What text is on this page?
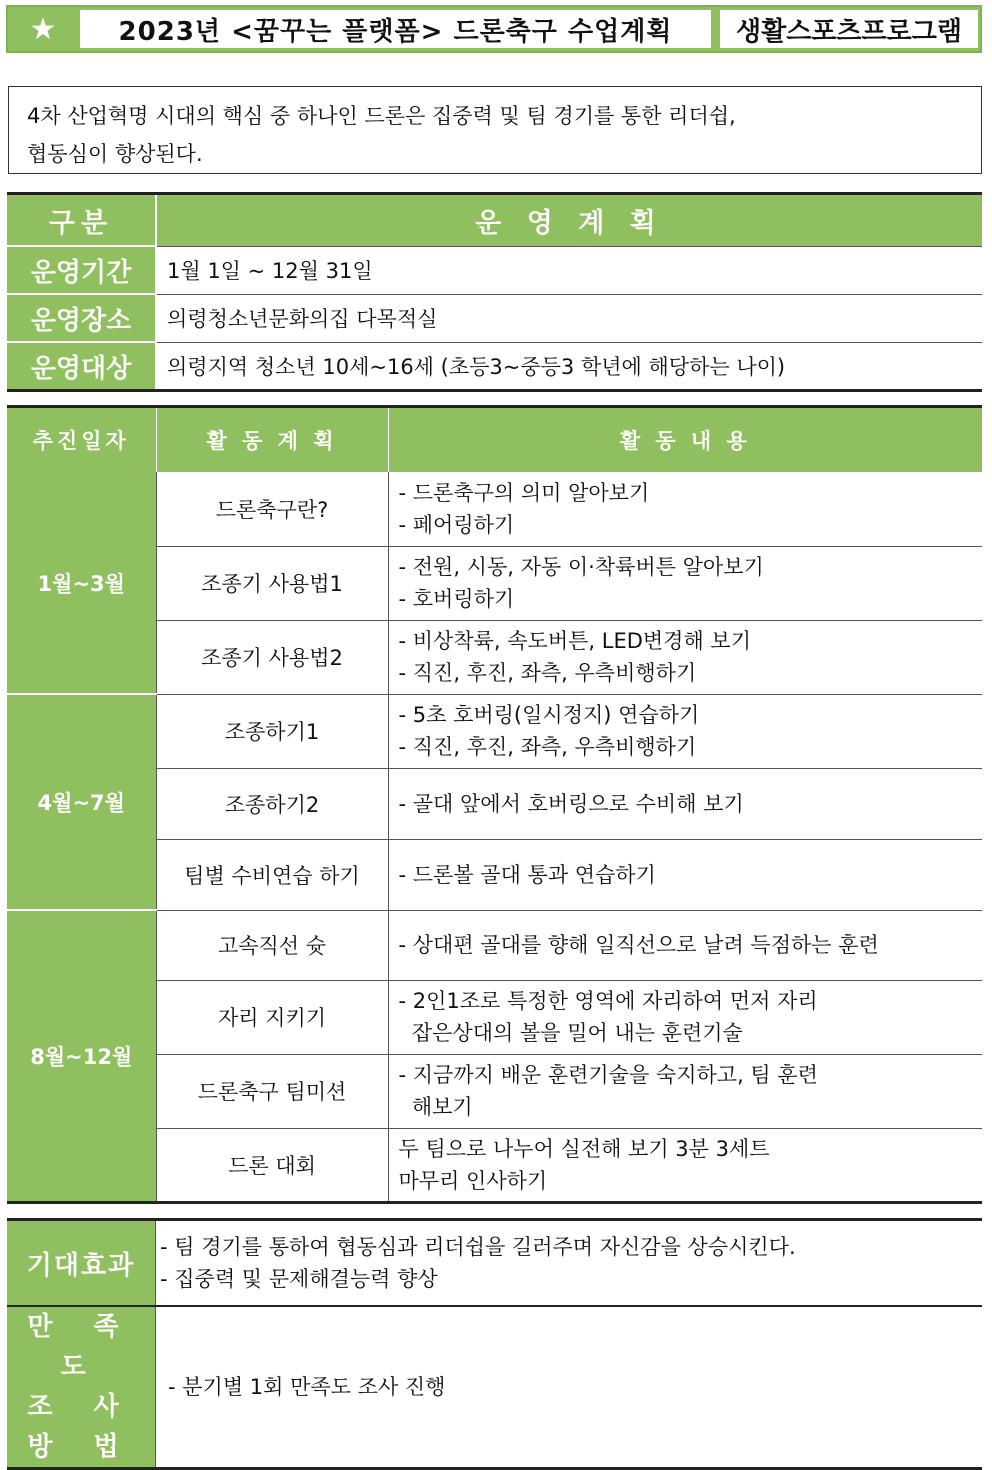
★	2023년 <꿈꾸는 플랫폼> 드론축구 수업계획	생활스포츠프로그램
4차 산업혁명 시대의 핵심 중 하나인 드론은 집중력 및 팀 경기를 통한 리더쉽,
협동심이 향상된다.
구분	운 영 계 획
운영기간	1월 1일 ~ 12월 31일
운영장소	의령청소년문화의집 다목적실
운영대상	의령지역 청소년 10세~16세 (초등3~중등3 학년에 해당하는 나이)
추진일자	활 동 계 획	활 동 내 용
1월~3월	드론축구란?	- 드론축구의 의미 알아보기
- 페어링하기

	조종기 사용법1	- 전원, 시동, 자동 이·착륙버튼 알아보기
- 호버링하기

	조종기 사용법2	- 비상착륙, 속도버튼, LED변경해 보기
- 직진, 후진, 좌측, 우측비행하기

4월~7월	조종하기1	- 5초 호버링(일시정지) 연습하기
- 직진, 후진, 좌측, 우측비행하기

	조종하기2	- 골대 앞에서 호버링으로 수비해 보기

	팀별 수비연습 하기	- 드론볼 골대 통과 연습하기

8월~12월	고속직선 슛	- 상대편 골대를 향해 일직선으로 날려 득점하는 훈련

	자리 지키기	- 2인1조로 특정한 영역에 자리하여 먼저 자리
잡은상대의 볼을 밀어 내는 훈련기술

	드론축구 팀미션	- 지금까지 배운 훈련기술을 숙지하고, 팀 훈련
해보기

	드론 대회	두 팀으로 나누어 실전해 보기 3분 3세트
마무리 인사하기
기대효과	- 팀 경기를 통하여 협동심과 리더쉽을 길러주며 자신감을 상승시킨다.
- 집중력 및 문제해결능력 향상

만 족 도
조 사 방 법	- 분기별 1회 만족도 조사 진행
